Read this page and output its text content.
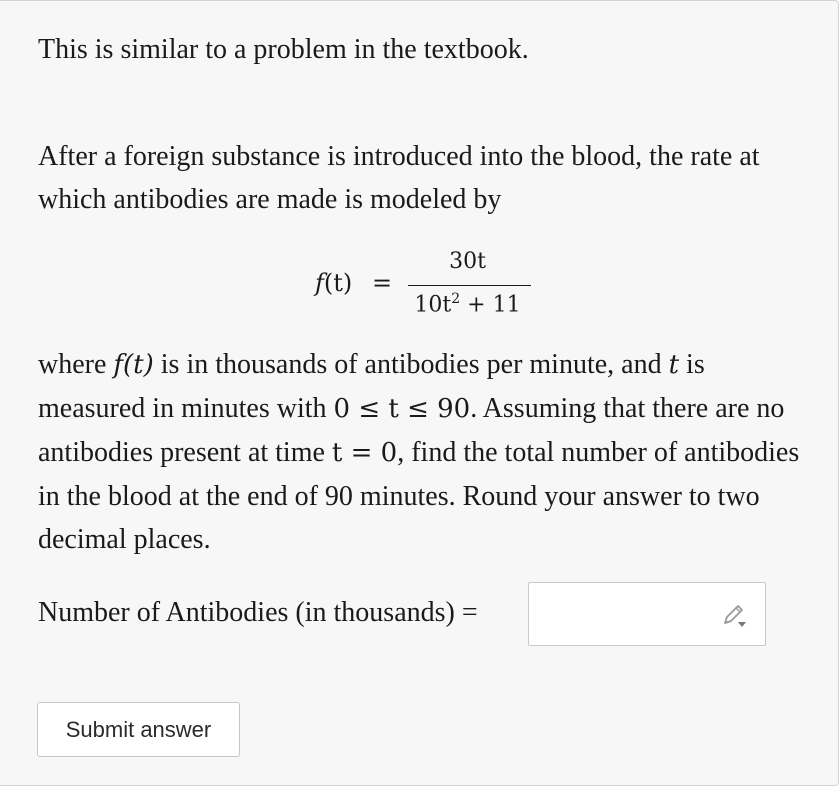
This is similar to a problem in the textbook.

After a foreign substance is introduced into the blood, the rate at which antibodies are made is modeled by

f(t) =
30t
$10t^2 + 11$

where f(t) is in thousands of antibodies per minute, and t is measured in minutes with 0 ≤ t ≤ 90. Assuming that there are no antibodies present at time t = 0, find the total number of antibodies in the blood at the end of 90 minutes. Round your answer to two decimal places.

Number of Antibodies (in thousands) =
Submit answer
